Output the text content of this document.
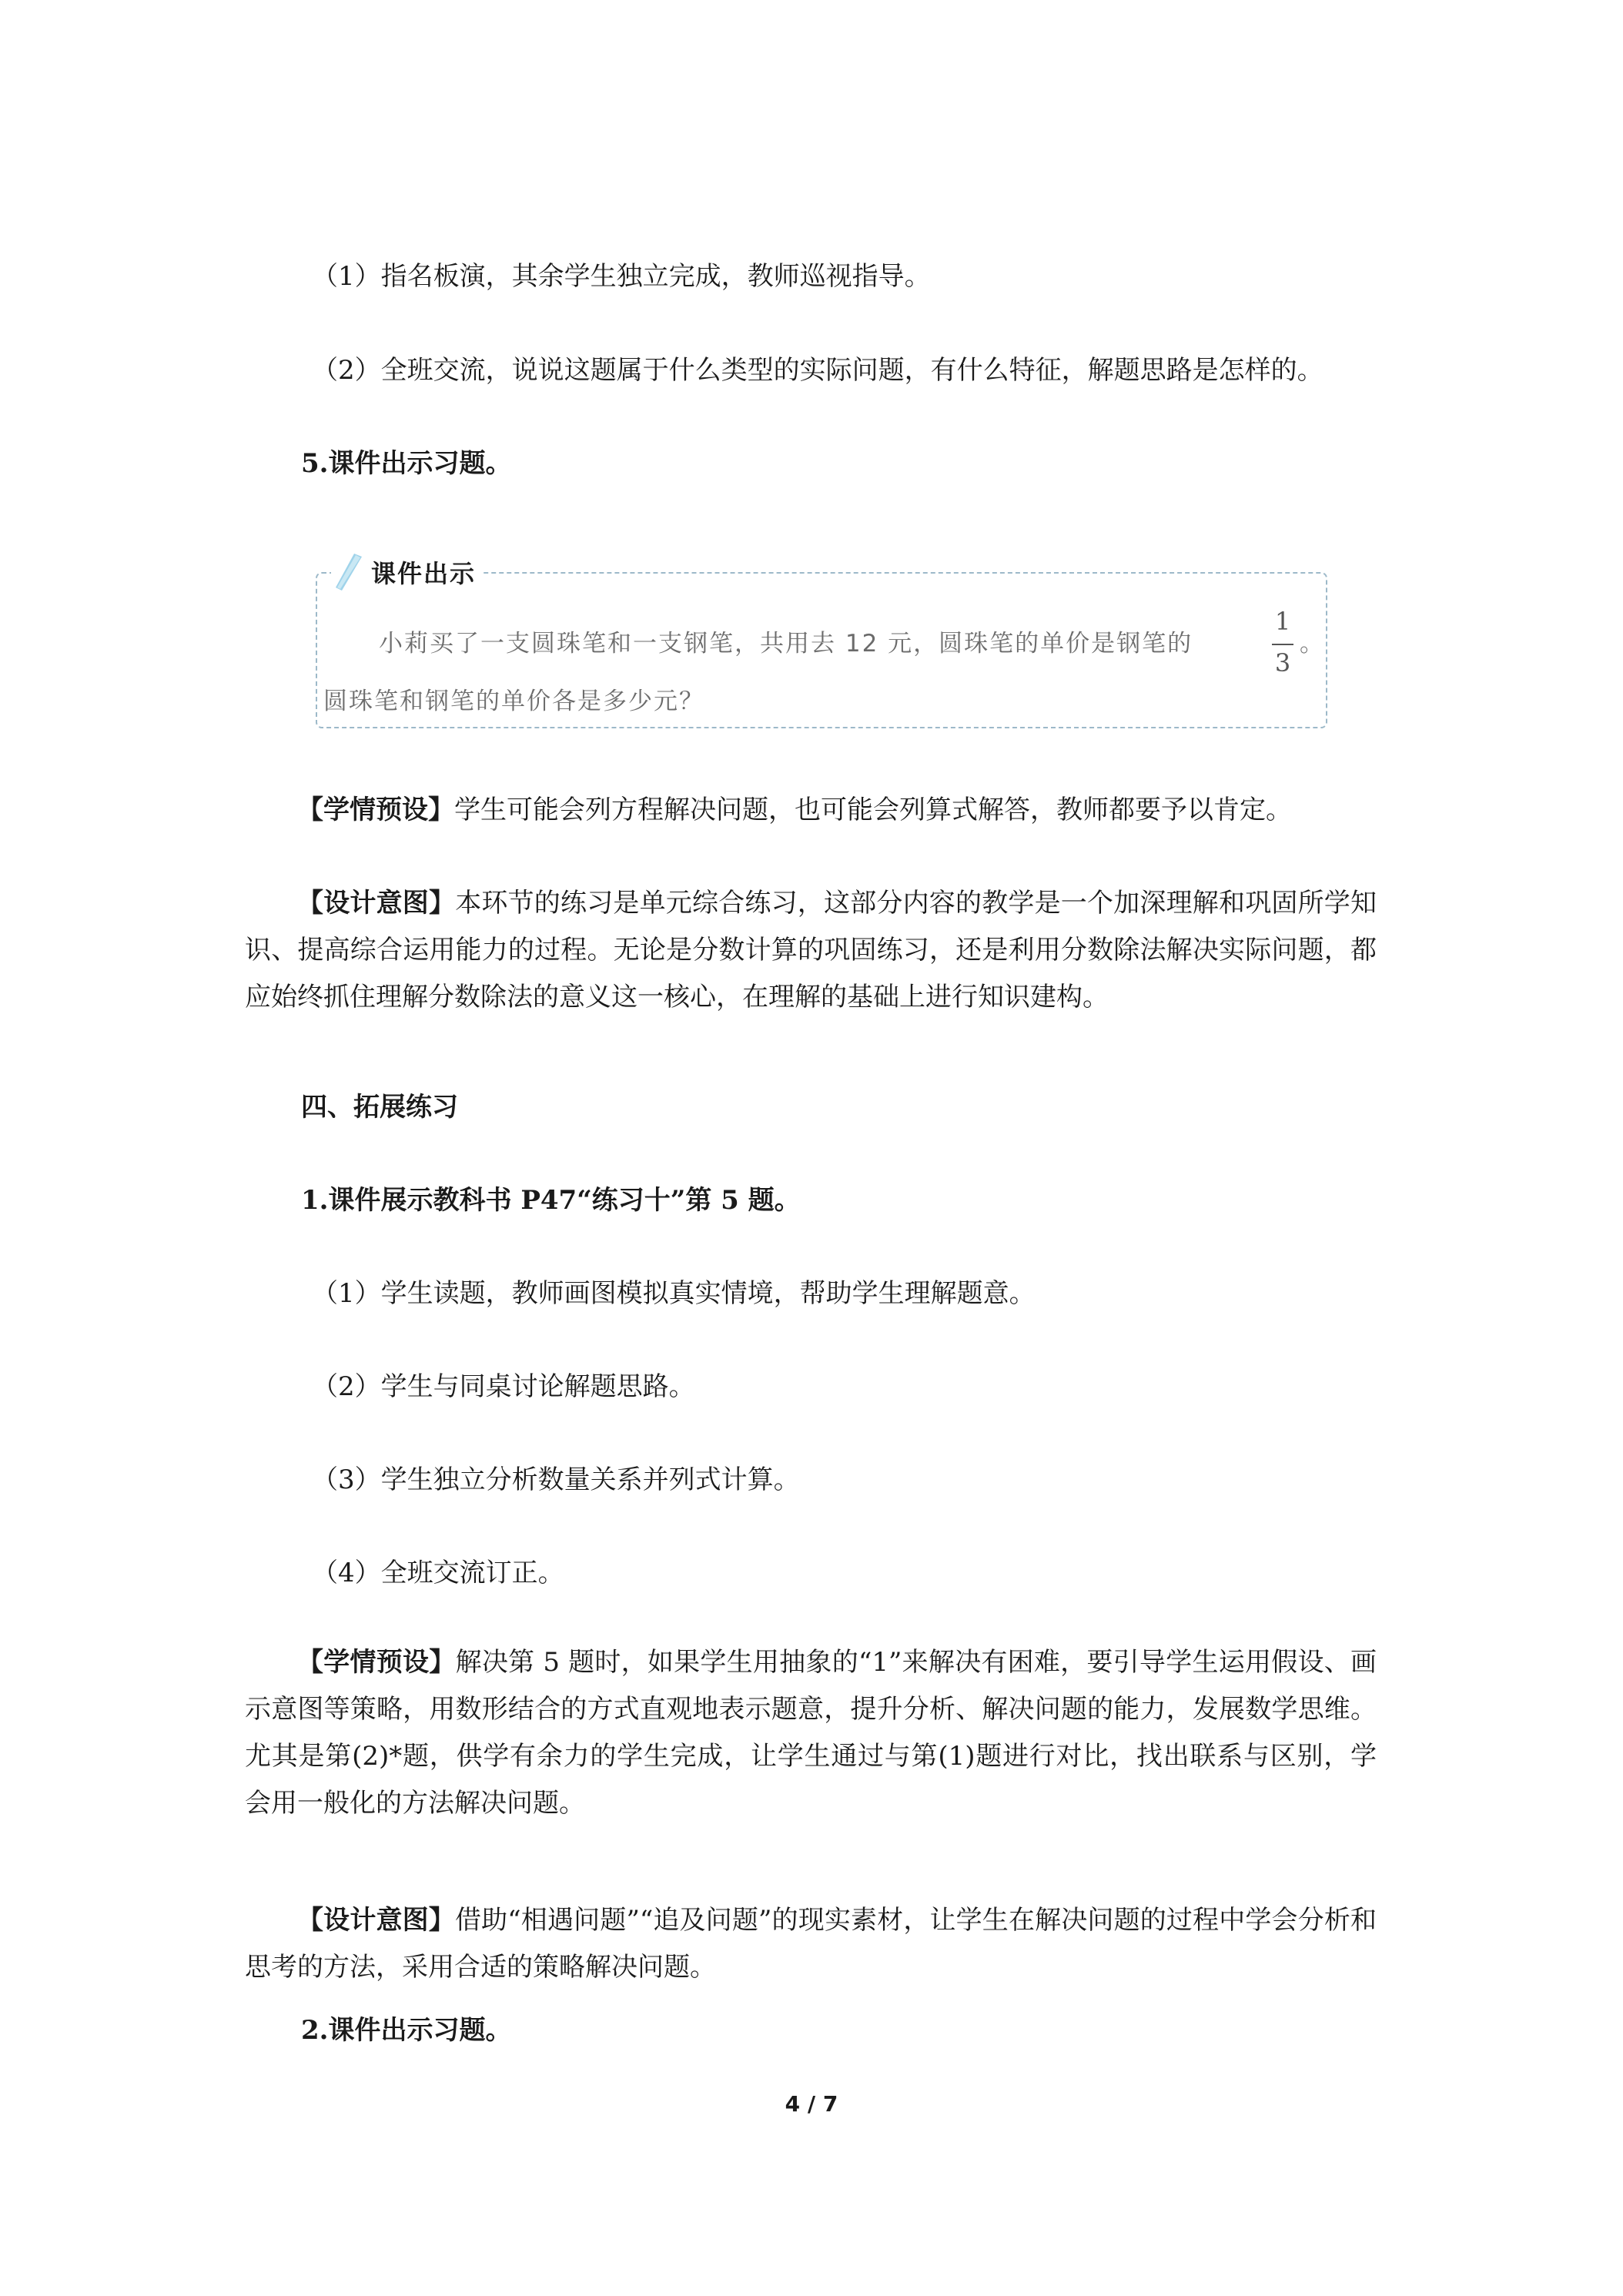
（1）指名板演，其余学生独立完成，教师巡视指导。
（2）全班交流，说说这题属于什么类型的实际问题，有什么特征，解题思路是怎样的。
5.课件出示习题。
课件出示
小莉买了一支圆珠笔和一支钢笔，共用去 12 元，圆珠笔的单价是钢笔的
1
3
。
圆珠笔和钢笔的单价各是多少元？
【学情预设】学生可能会列方程解决问题，也可能会列算式解答，教师都要予以肯定。
【设计意图】本环节的练习是单元综合练习，这部分内容的教学是一个加深理解和巩固所学知识、提高综合运用能力的过程。无论是分数计算的巩固练习，还是利用分数除法解决实际问题，都应始终抓住理解分数除法的意义这一核心，在理解的基础上进行知识建构。
四、拓展练习
1.课件展示教科书 P47“练习十”第 5 题。
（1）学生读题，教师画图模拟真实情境，帮助学生理解题意。
（2）学生与同桌讨论解题思路。
（3）学生独立分析数量关系并列式计算。
（4）全班交流订正。
【学情预设】解决第 5 题时，如果学生用抽象的“1”来解决有困难，要引导学生运用假设、画示意图等策略，用数形结合的方式直观地表示题意，提升分析、解决问题的能力，发展数学思维。尤其是第(2)*题，供学有余力的学生完成，让学生通过与第(1)题进行对比，找出联系与区别，学会用一般化的方法解决问题。
【设计意图】借助“相遇问题”“追及问题”的现实素材，让学生在解决问题的过程中学会分析和思考的方法，采用合适的策略解决问题。
2.课件出示习题。
4 / 7
